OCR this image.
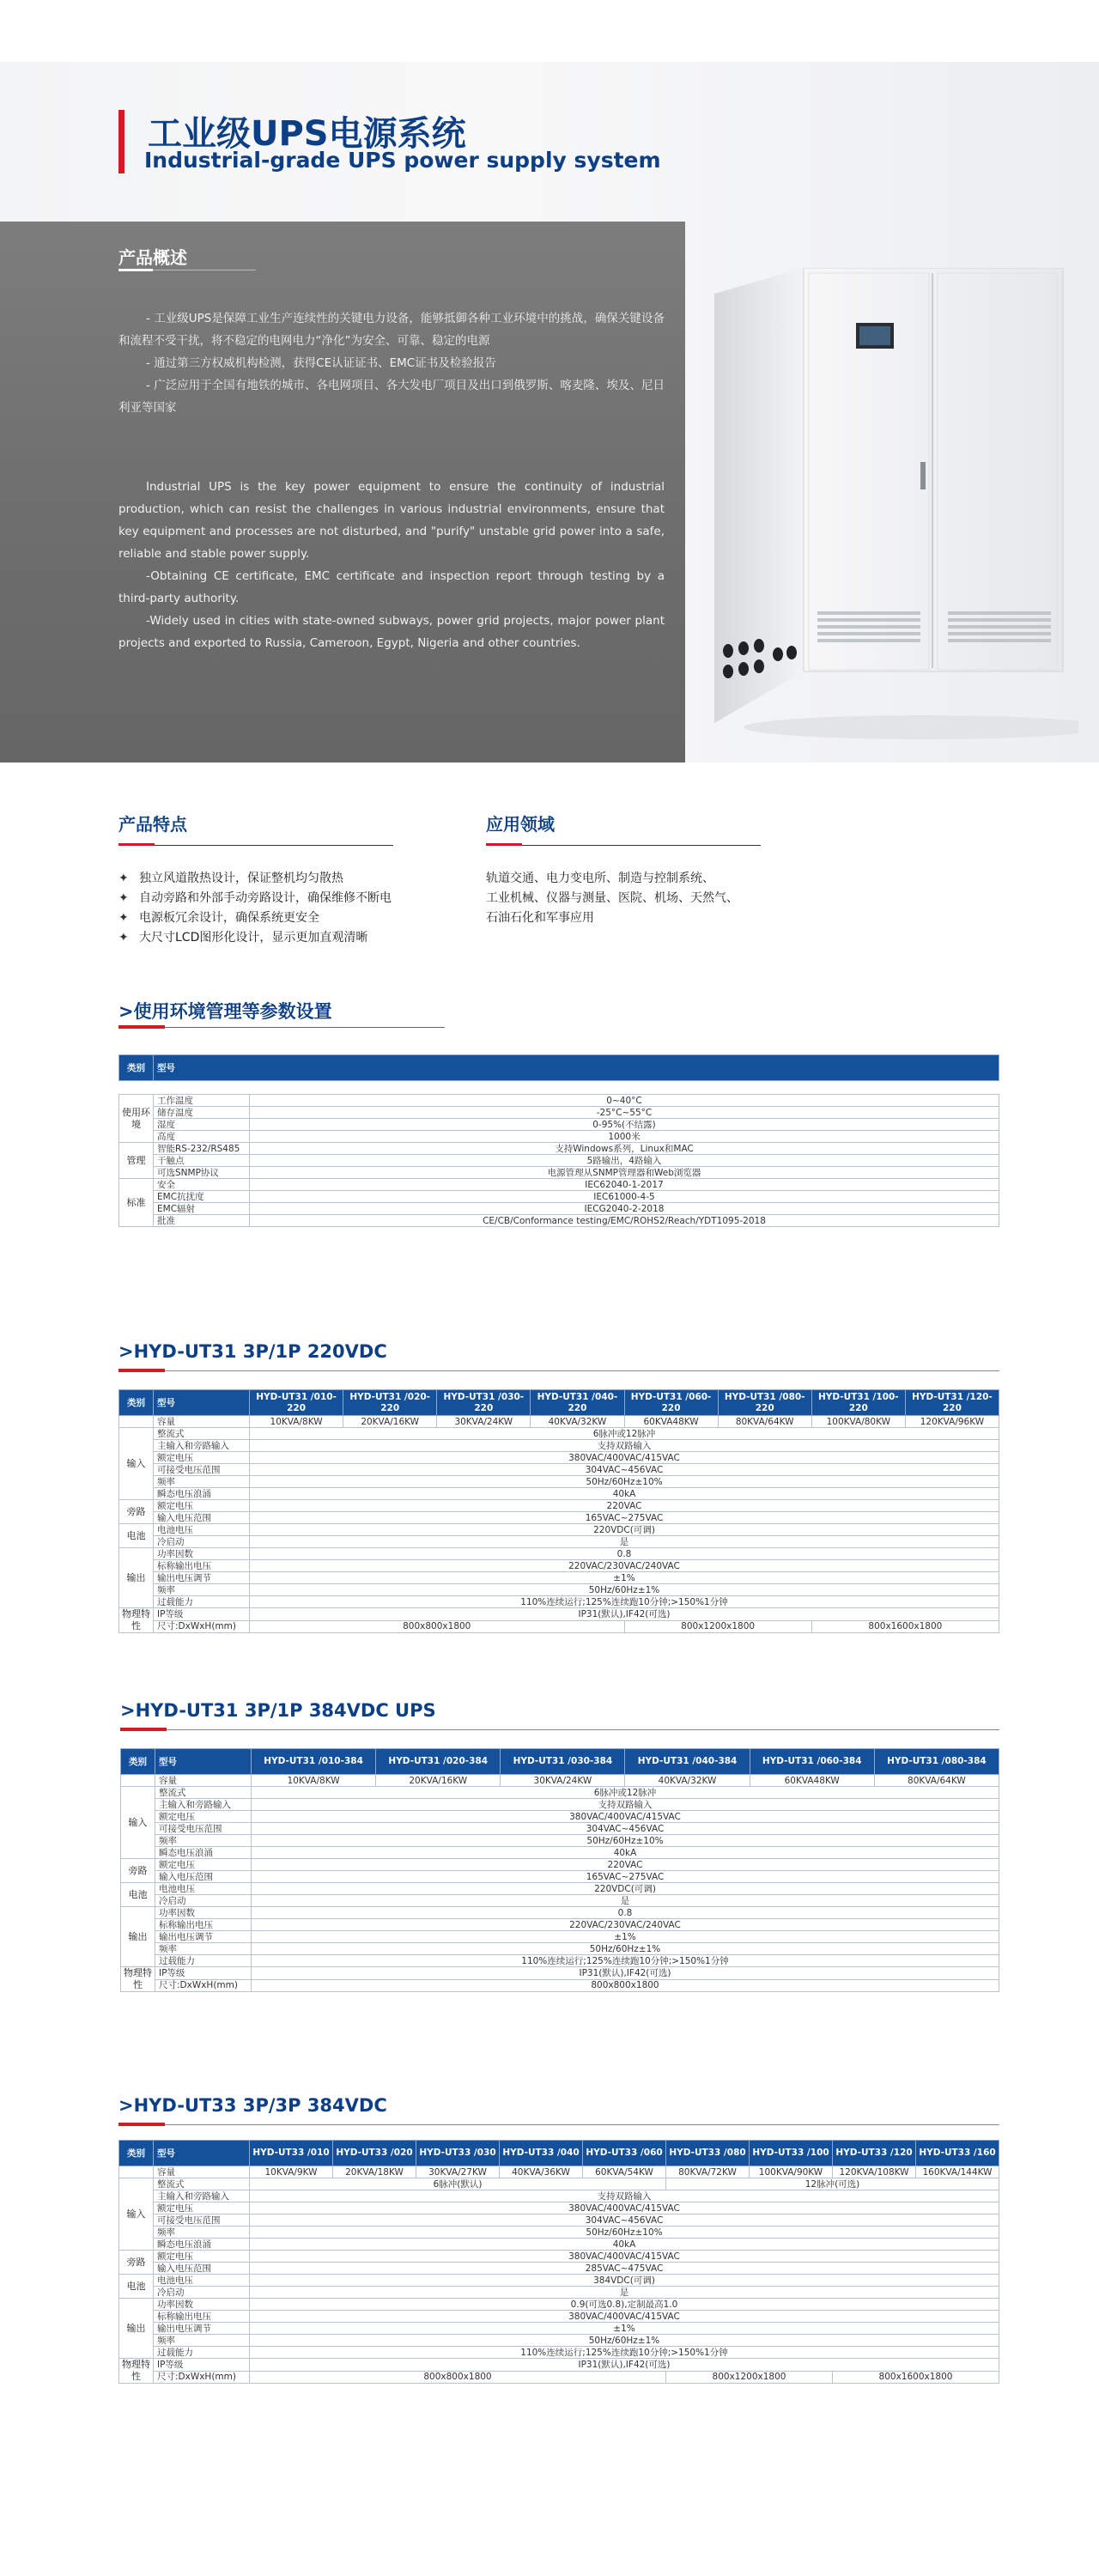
工业级UPS电源系统
Industrial-grade UPS power supply system
产品概述
- 工业级UPS是保障工业生产连续性的关键电力设备，能够抵御各种工业环境中的挑战，确保关键设备和流程不受干扰，将不稳定的电网电力“净化”为安全、可靠、稳定的电源
- 通过第三方权威机构检测，获得CE认证证书、EMC证书及检验报告
- 广泛应用于全国有地铁的城市、各电网项目、各大发电厂项目及出口到俄罗斯、喀麦隆、埃及、尼日利亚等国家
Industrial UPS is the key power equipment to ensure the continuity of industrial production, which can resist the challenges in various industrial environments, ensure that key equipment and processes are not disturbed, and "purify" unstable grid power into a safe, reliable and stable power supply.
-Obtaining CE certificate, EMC certificate and inspection report through testing by a third-party authority.
-Widely used in cities with state-owned subways, power grid projects, major power plant projects and exported to Russia, Cameroon, Egypt, Nigeria and other countries.
产品特点
✦ 独立风道散热设计，保证整机均匀散热
✦ 自动旁路和外部手动旁路设计，确保维修不断电
✦ 电源板冗余设计，确保系统更安全
✦ 大尺寸LCD图形化设计，显示更加直观清晰
应用领域
轨道交通、电力变电所、制造与控制系统、
工业机械、仪器与测量、医院、机场、天然气、
石油石化和军事应用
>使用环境管理等参数设置
>HYD-UT31 3P/1P 220VDC
>HYD-UT31 3P/1P 384VDC UPS
>HYD-UT33 3P/3P 384VDC
类别	型号	

使用环境	工作温度	0~40°C
	储存温度	-25°C~55°C
	湿度	0-95%(不结露)
	高度	1000米
管理	智能RS-232/RS485	支持Windows系列，Linux和MAC
	干触点	5路输出，4路输入
	可选SNMP协议	电源管理从SNMP管理器和Web浏览器
标准	安全	IEC62040-1-2017
	EMC抗扰度	IEC61000-4-5
	EMC辐射	IECG2040-2-2018
	批准	CE/CB/Conformance testing/EMC/ROHS2/Reach/YDT1095-2018
类别	型号	HYD-UT31 /010-220	HYD-UT31 /020-220	HYD-UT31 /030-220	HYD-UT31 /040-220	HYD-UT31 /060-220	HYD-UT31 /080-220	HYD-UT31 /100-220	HYD-UT31 /120-220
	容量	10KVA/8KW	20KVA/16KW	30KVA/24KW	40KVA/32KW	60KVA48KW	80KVA/64KW	100KVA/80KW	120KVA/96KW
输入	整流式	6脉冲或12脉冲							
	主输入和旁路输入	支持双路输入							
	额定电压	380VAC/400VAC/415VAC							
	可接受电压范围	304VAC~456VAC							
	频率	50Hz/60Hz±10%							
	瞬态电压浪涌	40kA							
旁路	额定电压	220VAC							
	输入电压范围	165VAC~275VAC							
电池	电池电压	220VDC(可调)							
	冷启动	是							
输出	功率因数	0.8							
	标称输出电压	220VAC/230VAC/240VAC							
	输出电压调节	±1%							
	频率	50Hz/60Hz±1%							
	过载能力	110%连续运行;125%连续跑10分钟;>150%1分钟							
物理特性	IP等级	IP31(默认),IF42(可选)							
	尺寸:DxWxH(mm)	800x800x1800				800x1200x1800		800x1600x1800	
类别	型号	HYD-UT31 /010-384	HYD-UT31 /020-384	HYD-UT31 /030-384	HYD-UT31 /040-384	HYD-UT31 /060-384	HYD-UT31 /080-384
	容量	10KVA/8KW	20KVA/16KW	30KVA/24KW	40KVA/32KW	60KVA48KW	80KVA/64KW
输入	整流式	6脉冲或12脉冲					
	主输入和旁路输入	支持双路输入					
	额定电压	380VAC/400VAC/415VAC					
	可接受电压范围	304VAC~456VAC					
	频率	50Hz/60Hz±10%					
	瞬态电压浪涌	40kA					
旁路	额定电压	220VAC					
	输入电压范围	165VAC~275VAC					
电池	电池电压	220VDC(可调)					
	冷启动	是					
输出	功率因数	0.8					
	标称输出电压	220VAC/230VAC/240VAC					
	输出电压调节	±1%					
	频率	50Hz/60Hz±1%					
	过载能力	110%连续运行;125%连续跑10分钟;>150%1分钟					
物理特性	IP等级	IP31(默认),IF42(可选)					
	尺寸:DxWxH(mm)	800x800x1800					
类别	型号	HYD-UT33 /010	HYD-UT33 /020	HYD-UT33 /030	HYD-UT33 /040	HYD-UT33 /060	HYD-UT33 /080	HYD-UT33 /100	HYD-UT33 /120	HYD-UT33 /160
	容量	10KVA/9KW	20KVA/18KW	30KVA/27KW	40KVA/36KW	60KVA/54KW	80KVA/72KW	100KVA/90KW	120KVA/108KW	160KVA/144KW
输入	整流式	6脉冲(默认)					12脉冲(可选)			
	主输入和旁路输入	支持双路输入								
	额定电压	380VAC/400VAC/415VAC								
	可接受电压范围	304VAC~456VAC								
	频率	50Hz/60Hz±10%								
	瞬态电压浪涌	40kA								
旁路	额定电压	380VAC/400VAC/415VAC								
	输入电压范围	285VAC~475VAC								
电池	电池电压	384VDC(可调)								
	冷启动	是								
输出	功率因数	0.9(可选0.8),定制最高1.0								
	标称输出电压	380VAC/400VAC/415VAC								
	输出电压调节	±1%								
	频率	50Hz/60Hz±1%								
	过载能力	110%连续运行;125%连续跑10分钟;>150%1分钟								
物理特性	IP等级	IP31(默认),IF42(可选)								
	尺寸:DxWxH(mm)	800x800x1800					800x1200x1800		800x1600x1800	
